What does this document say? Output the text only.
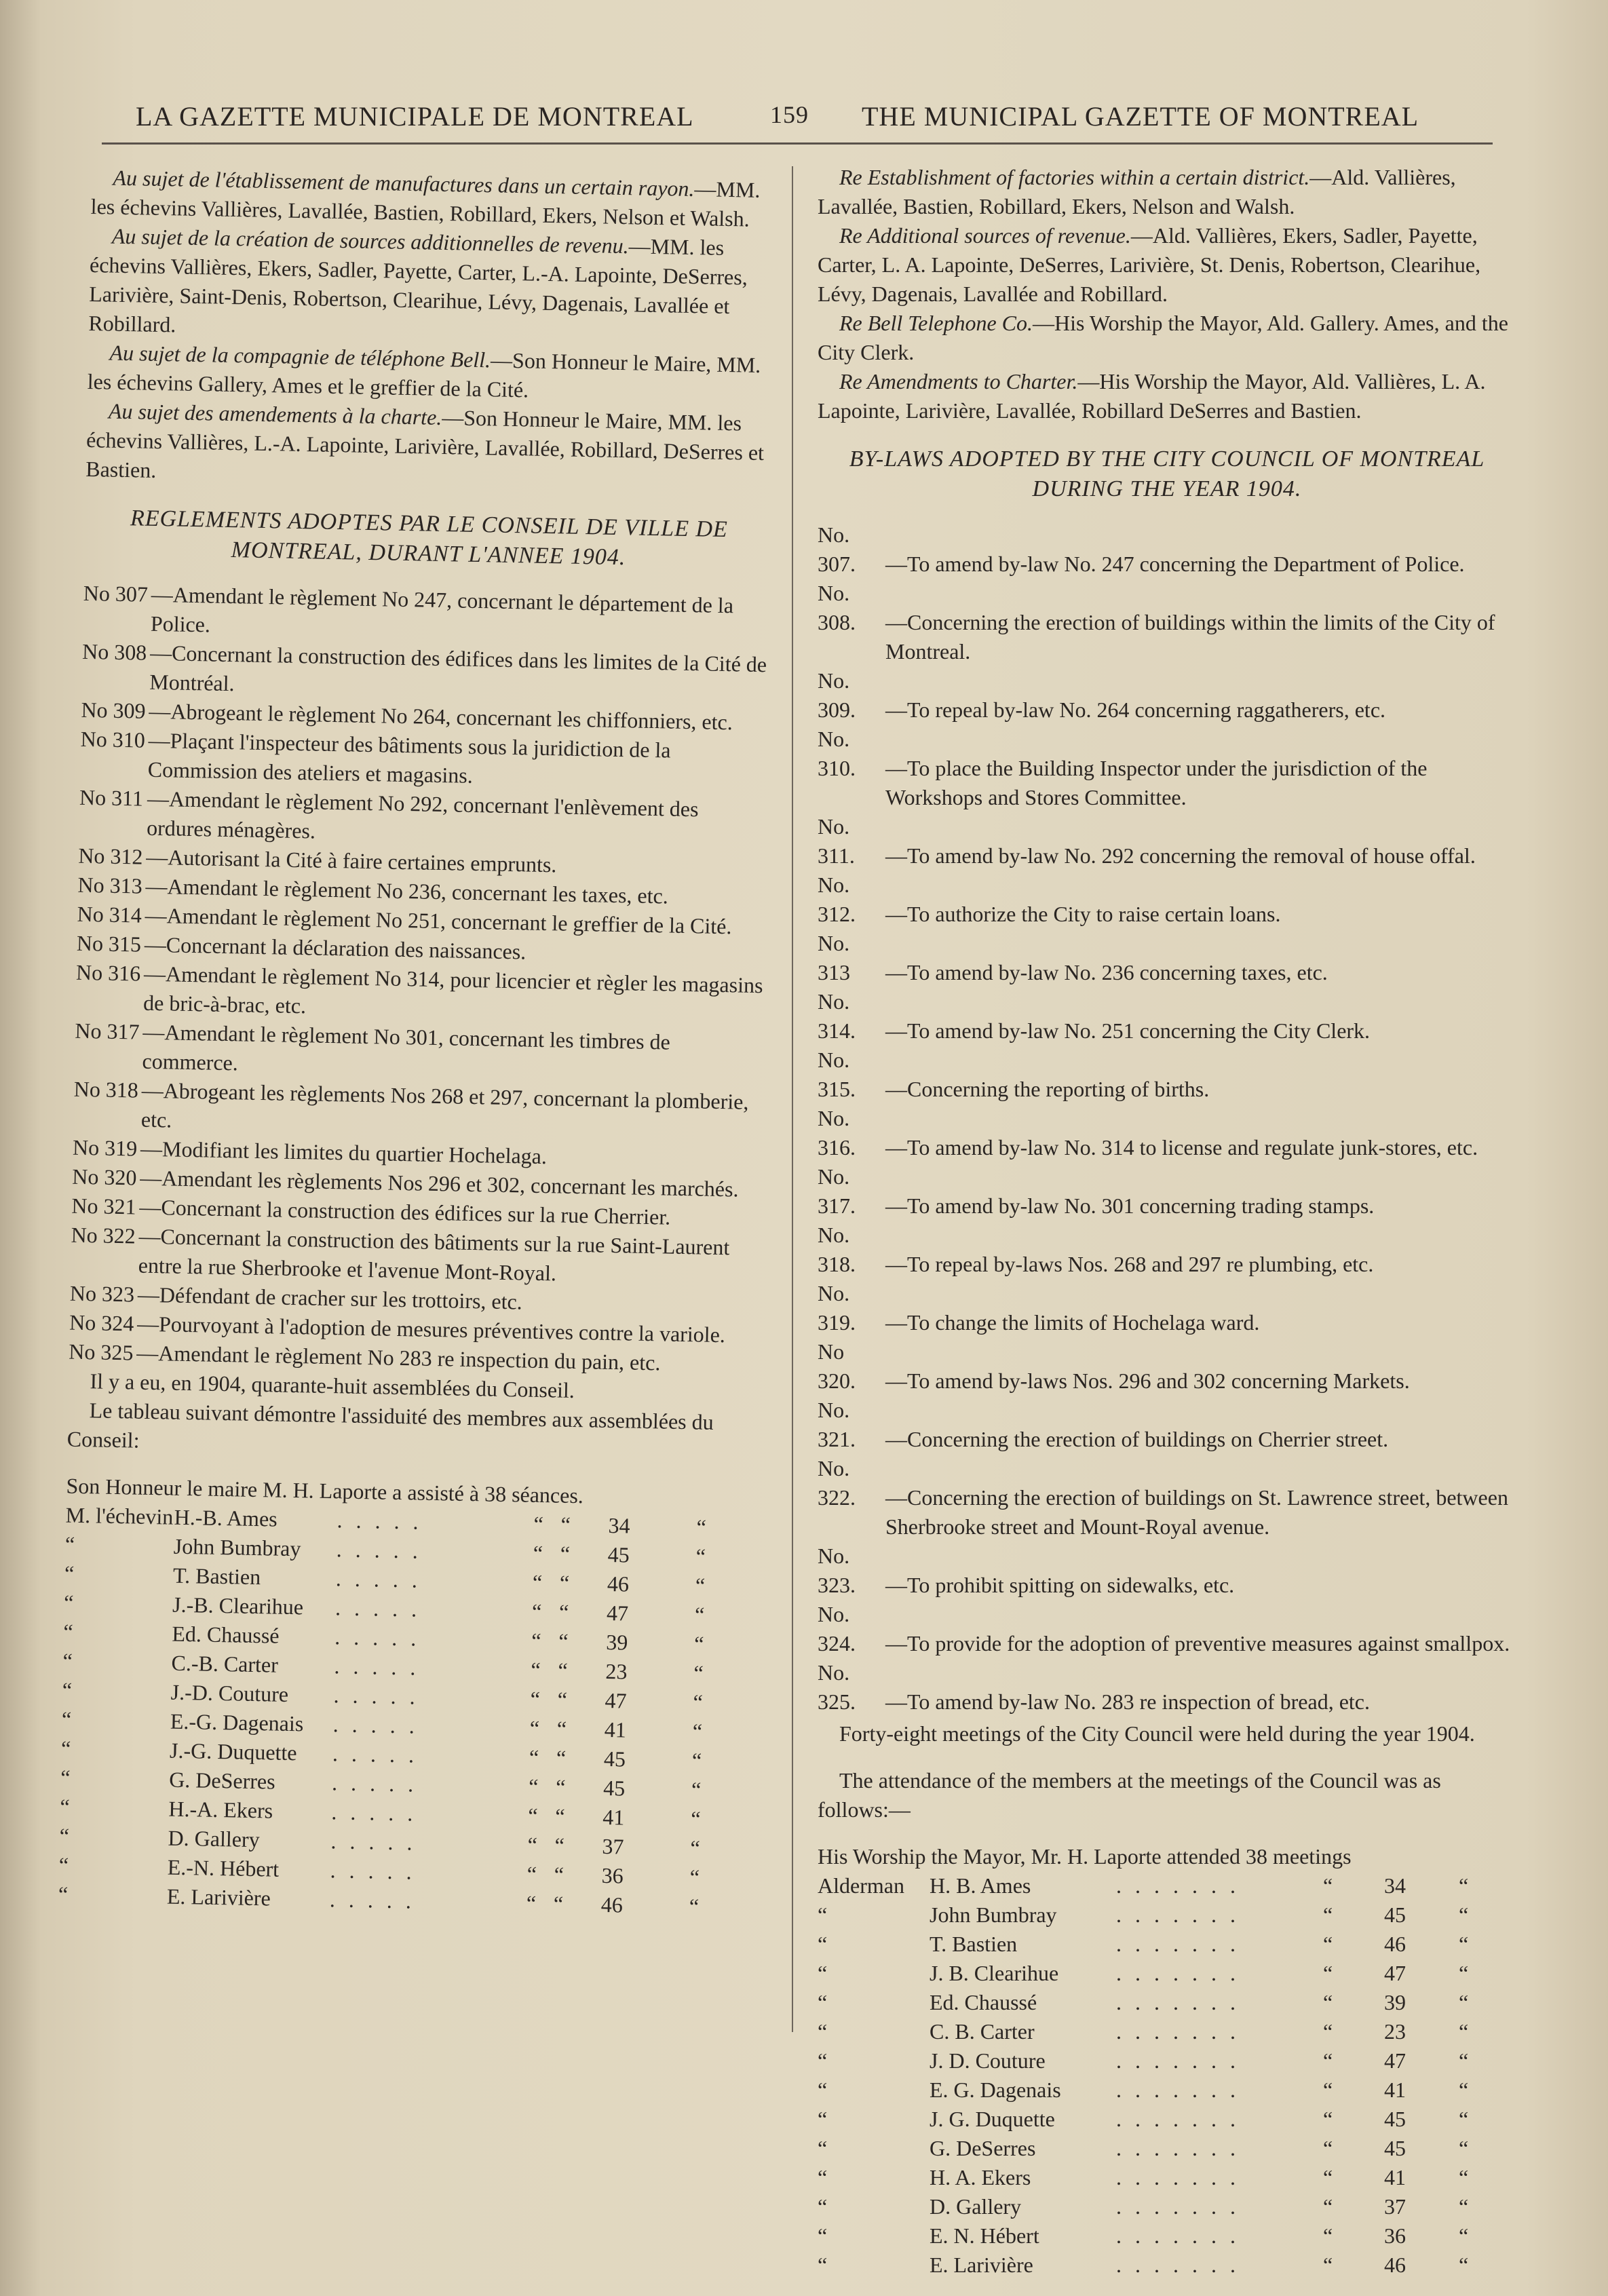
LA GAZETTE MUNICIPALE DE MONTREAL	159 THE MUNICIPAL GAZETTE OF MONTREAL

Au sujet de l'établissement de manufactures dans un certain rayon.—MM. les échevins Vallières, Lavallée, Bastien, Robillard, Ekers, Nelson et Walsh.

Au sujet de la création de sources additionnelles de revenu.—MM. les échevins Vallières, Ekers, Sadler, Payette, Carter, L.-A. Lapointe, DeSerres, Larivière, Saint-Denis, Robertson, Clearihue, Lévy, Dagenais, Lavallée et Robillard.

Au sujet de la compagnie de téléphone Bell.—Son Honneur le Maire, MM. les échevins Gallery, Ames et le greffier de la Cité.

Au sujet des amendements à la charte.—Son Honneur le Maire, MM. les échevins Vallières, L.-A. Lapointe, Larivière, Lavallée, Robillard, DeSerres et Bastien.

REGLEMENTS ADOPTES PAR LE CONSEIL DE VILLE DE MONTREAL, DURANT L'ANNEE 1904.

No 307 —Amendant le règlement No 247, concernant le département de la Police.

No 308 —Concernant la construction des édifices dans les limites de la Cité de Montréal.

No 309 —Abrogeant le règlement No 264, concernant les chiffonniers, etc.

No 310 —Plaçant l'inspecteur des bâtiments sous la juridiction de la Commission des ateliers et magasins.

No 311 —Amendant le règlement No 292, concernant l'enlèvement des ordures ménagères.

No 312 —Autorisant la Cité à faire certaines emprunts.

No 313 —Amendant le règlement No 236, concernant les taxes, etc.

No 314 —Amendant le règlement No 251, concernant le greffier de la Cité.

No 315 —Concernant la déclaration des naissances.

No 316 —Amendant le règlement No 314, pour licencier et règler les magasins de bric-à-brac, etc.

No 317 —Amendant le règlement No 301, concernant les timbres de commerce.

No 318 —Abrogeant les règlements Nos 268 et 297, concernant la plomberie, etc.

No 319 —Modifiant les limites du quartier Hochelaga.

No 320 —Amendant les règlements Nos 296 et 302, concernant les marchés.

No 321 —Concernant la construction des édifices sur la rue Cherrier.

No 322 —Concernant la construction des bâtiments sur la rue Saint-Laurent entre la rue Sherbrooke et l'avenue Mont-Royal.

No 323 —Défendant de cracher sur les trottoirs, etc.

No 324 —Pourvoyant à l'adoption de mesures préventives contre la variole.

No 325 —Amendant le règlement No 283 re inspection du pain, etc.

Il y a eu, en 1904, quarante-huit assemblées du Conseil.

Le tableau suivant démontre l'assiduité des membres aux assemblées du Conseil:

Son Honneur le maire M. H. Laporte a assisté à 38 séances.
M. l'échevin H.-B. Ames	. . . . .	“ “ 34	“
“	John Bumbray . . . . .	“ “ 45	“
“	T. Bastien	. . . . .	“ “ 46	“
“	J.-B. Clearihue . . . . .	“ “ 47	“
“	Ed. Chaussé	. . . . .	“ “ 39	“
“	C.-B. Carter	. . . . .	“ “ 23	“
“	J.-D. Couture . . . . .	“ “ 47	“
“	E.-G. Dagenais . . . . .	“ “ 41	“
“	J.-G. Duquette . . . . .	“ “ 45	“
“	G. DeSerres	. . . . .	“ “ 45	“
“	H.-A. Ekers	. . . . .	“ “ 41	“
“	D. Gallery	. . . . .	“ “ 37	“
“	E.-N. Hébert . . . . .	“ “ 36	“
“	E. Larivière	. . . . .	“ “ 46	“

Re Establishment of factories within a certain district.—Ald. Vallières, Lavallée, Bastien, Robillard, Ekers, Nelson and Walsh.

Re Additional sources of revenue.—Ald. Vallières, Ekers, Sadler, Payette, Carter, L. A. Lapointe, DeSerres, Larivière, St. Denis, Robertson, Clearihue, Lévy, Dagenais, Lavallée and Robillard.

Re Bell Telephone Co.—His Worship the Mayor, Ald. Gallery. Ames, and the City Clerk.

Re Amendments to Charter.—His Worship the Mayor, Ald. Vallières, L. A. Lapointe, Larivière, Lavallée, Robillard DeSerres and Bastien.

BY-LAWS ADOPTED BY THE CITY COUNCIL OF MONTREAL DURING THE YEAR 1904.

No. 307. —To amend by-law No. 247 concerning the Department of Police.

No. 308. —Concerning the erection of buildings within the limits of the City of Montreal.

No. 309. —To repeal by-law No. 264 concerning raggatherers, etc.

No. 310. —To place the Building Inspector under the jurisdiction of the Workshops and Stores Committee.

No. 311. —To amend by-law No. 292 concerning the removal of house offal.

No. 312. —To authorize the City to raise certain loans.

No. 313 —To amend by-law No. 236 concerning taxes, etc.

No. 314. —To amend by-law No. 251 concerning the City Clerk.

No. 315. —Concerning the reporting of births.

No. 316. —To amend by-law No. 314 to license and regulate junk-stores, etc.

No. 317. —To amend by-law No. 301 concerning trading stamps.

No. 318. —To repeal by-laws Nos. 268 and 297 re plumbing, etc.

No. 319. —To change the limits of Hochelaga ward.

No 320. —To amend by-laws Nos. 296 and 302 concerning Markets.

No. 321. —Concerning the erection of buildings on Cherrier street.

No. 322. —Concerning the erection of buildings on St. Lawrence street, between Sherbrooke street and Mount-Royal avenue.

No. 323. —To prohibit spitting on sidewalks, etc.

No. 324. —To provide for the adoption of preventive measures against smallpox.

No. 325. —To amend by-law No. 283 re inspection of bread, etc.

Forty-eight meetings of the City Council were held during the year 1904.

The attendance of the members at the meetings of the Council was as follows:—

His Worship the Mayor, Mr. H. Laporte attended 38 meetings
Alderman H. B. Ames	. . . . . . .	“ 34 “
“	John Bumbray	. . . . . . .	“ 45 “
“	T. Bastien	. . . . . . .	“ 46 “
“	J. B. Clearihue	. . . . . . .	“ 47 “
“	Ed. Chaussé	. . . . . . .	“ 39 “
“	C. B. Carter	. . . . . . .	“ 23 “
“	J. D. Couture	. . . . . . .	“ 47 “
“	E. G. Dagenais	. . . . . . .	“ 41 “
“	J. G. Duquette	. . . . . . .	“ 45 “
“	G. DeSerres	. . . . . . .	“ 45 “
“	H. A. Ekers	. . . . . . .	“ 41 “
“	D. Gallery	. . . . . . .	“ 37 “
“	E. N. Hébert	. . . . . . .	“ 36 “
“	E. Larivière	. . . . . . .	“ 46 “
